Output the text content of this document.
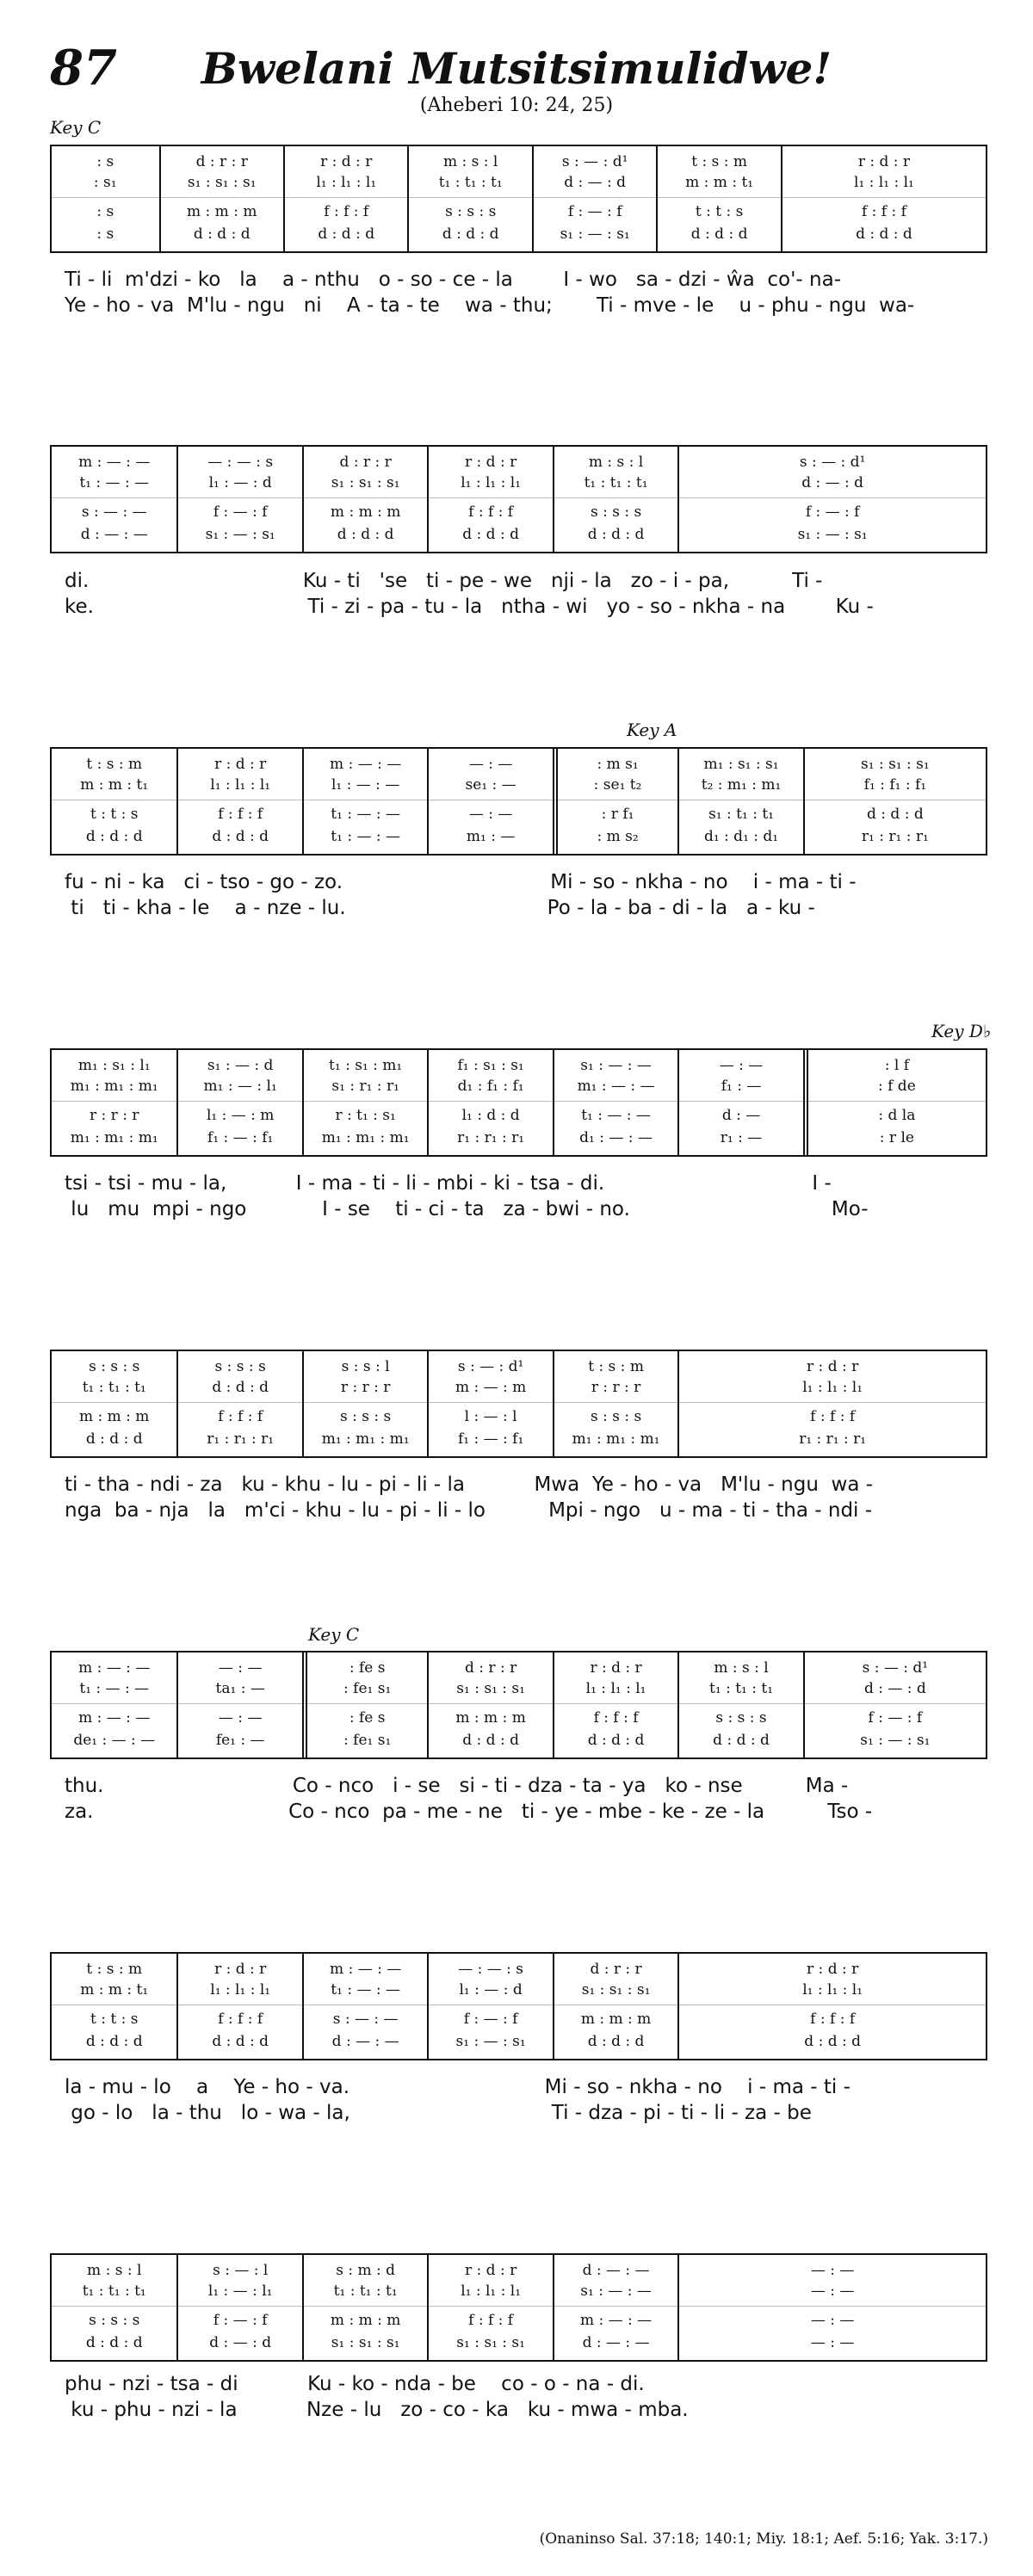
87	Bwelani Mutsitsimulidwe!
(Aheberi 10: 24, 25)
Key C
Key A
Key D♭
Key C
: s
: s₁
: s
: s
d : r : r
s₁ : s₁ : s₁
m : m : m
d : d : d
r : d : r
l₁ : l₁ : l₁
f : f : f
d : d : d
m : s : l
t₁ : t₁ : t₁
s : s : s
d : d : d
s : — : d¹
d : — : d
f : — : f
s₁ : — : s₁
t : s : m
m : m : t₁
t : t : s
d : d : d
r : d : r
l₁ : l₁ : l₁
f : f : f
d : d : d
Ti - li  m'dzi - ko   la    a - nthu   o - so - ce - la        I - wo   sa - dzi - ŵa  co'- na-
Ye - ho - va  M'lu - ngu   ni    A - ta - te    wa - thu;       Ti - mve - le    u - phu - ngu  wa-
m : — : —
t₁ : — : —
s : — : —
d : — : —
— : — : s
l₁ : — : d
f : — : f
s₁ : — : s₁
d : r : r
s₁ : s₁ : s₁
m : m : m
d : d : d
r : d : r
l₁ : l₁ : l₁
f : f : f
d : d : d
m : s : l
t₁ : t₁ : t₁
s : s : s
d : d : d
s : — : d¹
d : — : d
f : — : f
s₁ : — : s₁
di.                                  Ku - ti   'se   ti - pe - we   nji - la   zo - i - pa,          Ti -
ke.                                  Ti - zi - pa - tu - la   ntha - wi   yo - so - nkha - na        Ku -
t : s : m
m : m : t₁
t : t : s
d : d : d
r : d : r
l₁ : l₁ : l₁
f : f : f
d : d : d
m : — : —
l₁ : — : —
t₁ : — : —
t₁ : — : —
— : —
se₁ : —
— : —
m₁ : —
: m s₁
: se₁ t₂
: r f₁
: m s₂
m₁ : s₁ : s₁
t₂ : m₁ : m₁
s₁ : t₁ : t₁
d₁ : d₁ : d₁
s₁ : s₁ : s₁
f₁ : f₁ : f₁
d : d : d
r₁ : r₁ : r₁
fu - ni - ka   ci - tso - go - zo.                                 Mi - so - nkha - no    i - ma - ti -
ti   ti - kha - le    a - nze - lu.                                Po - la - ba - di - la   a - ku -
m₁ : s₁ : l₁
m₁ : m₁ : m₁
r : r : r
m₁ : m₁ : m₁
s₁ : — : d
m₁ : — : l₁
l₁ : — : m
f₁ : — : f₁
t₁ : s₁ : m₁
s₁ : r₁ : r₁
r : t₁ : s₁
m₁ : m₁ : m₁
f₁ : s₁ : s₁
d₁ : f₁ : f₁
l₁ : d : d
r₁ : r₁ : r₁
s₁ : — : —
m₁ : — : —
t₁ : — : —
d₁ : — : —
— : —
f₁ : —
d : —
r₁ : —
: l f
: f de
: d la
: r le
tsi - tsi - mu - la,           I - ma - ti - li - mbi - ki - tsa - di.                                 I -
lu   mu  mpi - ngo            I - se    ti - ci - ta   za - bwi - no.                                Mo-
s : s : s
t₁ : t₁ : t₁
m : m : m
d : d : d
s : s : s
d : d : d
f : f : f
r₁ : r₁ : r₁
s : s : l
r : r : r
s : s : s
m₁ : m₁ : m₁
s : — : d¹
m : — : m
l : — : l
f₁ : — : f₁
t : s : m
r : r : r
s : s : s
m₁ : m₁ : m₁
r : d : r
l₁ : l₁ : l₁
f : f : f
r₁ : r₁ : r₁
ti - tha - ndi - za   ku - khu - lu - pi - li - la           Mwa  Ye - ho - va   M'lu - ngu  wa -
nga  ba - nja   la   m'ci - khu - lu - pi - li - lo          Mpi - ngo   u - ma - ti - tha - ndi -
m : — : —
t₁ : — : —
m : — : —
de₁ : — : —
— : —
ta₁ : —
— : —
fe₁ : —
: fe s
: fe₁ s₁
: fe s
: fe₁ s₁
d : r : r
s₁ : s₁ : s₁
m : m : m
d : d : d
r : d : r
l₁ : l₁ : l₁
f : f : f
d : d : d
m : s : l
t₁ : t₁ : t₁
s : s : s
d : d : d
s : — : d¹
d : — : d
f : — : f
s₁ : — : s₁
thu.                              Co - nco   i - se   si - ti - dza - ta - ya   ko - nse          Ma -
za.                               Co - nco  pa - me - ne   ti - ye - mbe - ke - ze - la          Tso -
t : s : m
m : m : t₁
t : t : s
d : d : d
r : d : r
l₁ : l₁ : l₁
f : f : f
d : d : d
m : — : —
t₁ : — : —
s : — : —
d : — : —
— : — : s
l₁ : — : d
f : — : f
s₁ : — : s₁
d : r : r
s₁ : s₁ : s₁
m : m : m
d : d : d
r : d : r
l₁ : l₁ : l₁
f : f : f
d : d : d
la - mu - lo    a    Ye - ho - va.                               Mi - so - nkha - no    i - ma - ti -
go - lo   la - thu   lo - wa - la,                                Ti - dza - pi - ti - li - za - be
m : s : l
t₁ : t₁ : t₁
s : s : s
d : d : d
s : — : l
l₁ : — : l₁
f : — : f
d : — : d
s : m : d
t₁ : t₁ : t₁
m : m : m
s₁ : s₁ : s₁
r : d : r
l₁ : l₁ : l₁
f : f : f
s₁ : s₁ : s₁
d : — : —
s₁ : — : —
m : — : —
d : — : —
— : —
— : —
— : —
— : —
phu - nzi - tsa - di           Ku - ko - nda - be    co - o - na - di.
ku - phu - nzi - la           Nze - lu   zo - co - ka   ku - mwa - mba.
(Onaninso Sal. 37:18; 140:1; Miy. 18:1; Aef. 5:16; Yak. 3:17.)
